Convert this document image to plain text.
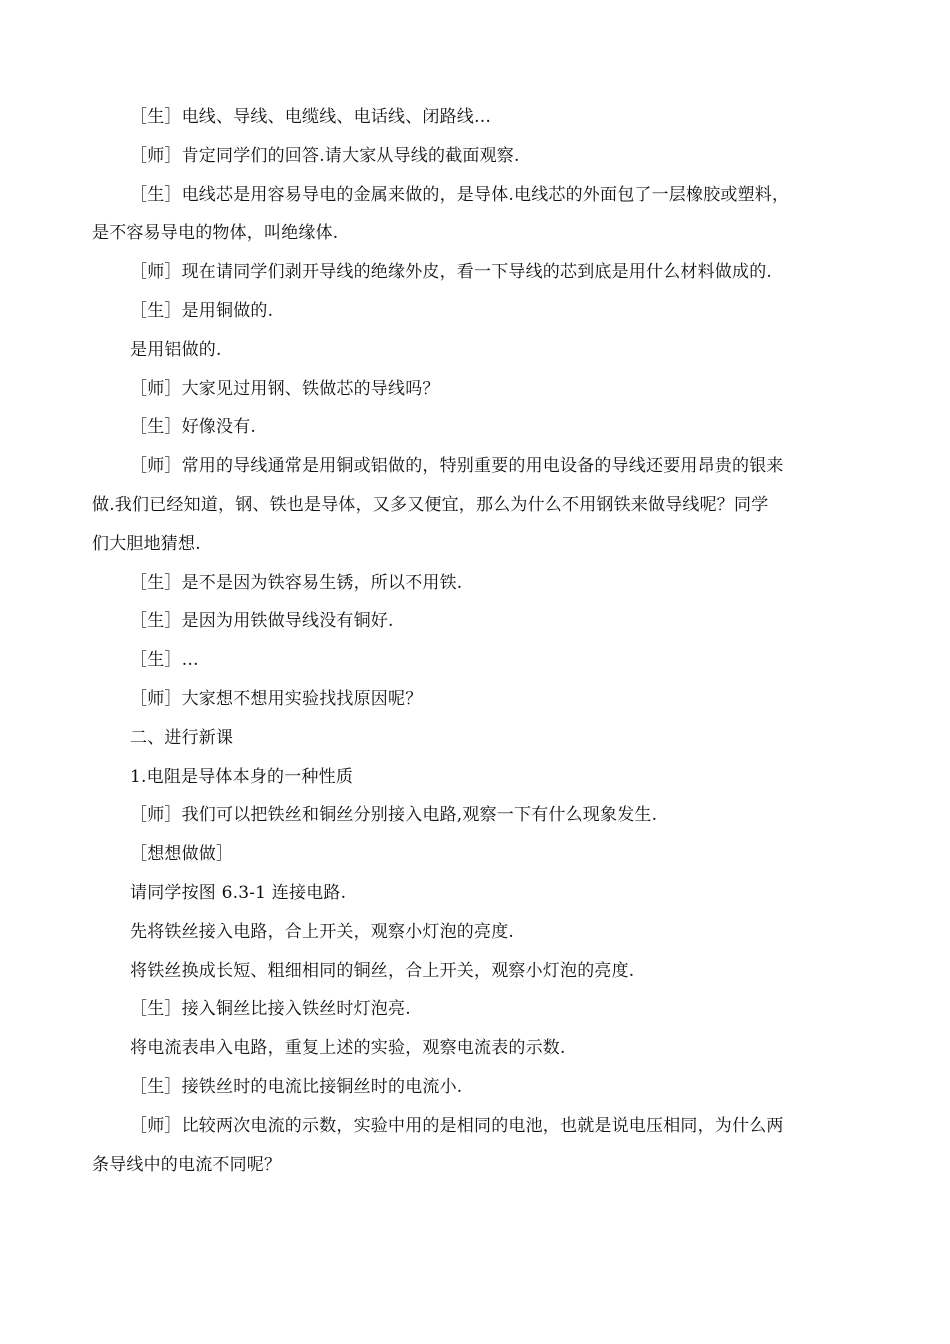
［生］电线、导线、电缆线、电话线、闭路线…
［师］肯定同学们的回答.请大家从导线的截面观察.
［生］电线芯是用容易导电的金属来做的，是导体.电线芯的外面包了一层橡胶或塑料，
是不容易导电的物体，叫绝缘体.
［师］现在请同学们剥开导线的绝缘外皮，看一下导线的芯到底是用什么材料做成的.
［生］是用铜做的.
是用铝做的.
［师］大家见过用钢、铁做芯的导线吗？
［生］好像没有.
［师］常用的导线通常是用铜或铝做的，特别重要的用电设备的导线还要用昂贵的银来
做.我们已经知道，钢、铁也是导体，又多又便宜，那么为什么不用钢铁来做导线呢？同学
们大胆地猜想.
［生］是不是因为铁容易生锈，所以不用铁.
［生］是因为用铁做导线没有铜好.
［生］…
［师］大家想不想用实验找找原因呢？
二、进行新课
1.电阻是导体本身的一种性质
［师］我们可以把铁丝和铜丝分别接入电路,观察一下有什么现象发生.
［想想做做］
请同学按图 6.3-1 连接电路.
先将铁丝接入电路，合上开关，观察小灯泡的亮度.
将铁丝换成长短、粗细相同的铜丝，合上开关，观察小灯泡的亮度.
［生］接入铜丝比接入铁丝时灯泡亮.
将电流表串入电路，重复上述的实验，观察电流表的示数.
［生］接铁丝时的电流比接铜丝时的电流小.
［师］比较两次电流的示数，实验中用的是相同的电池，也就是说电压相同，为什么两
条导线中的电流不同呢？
